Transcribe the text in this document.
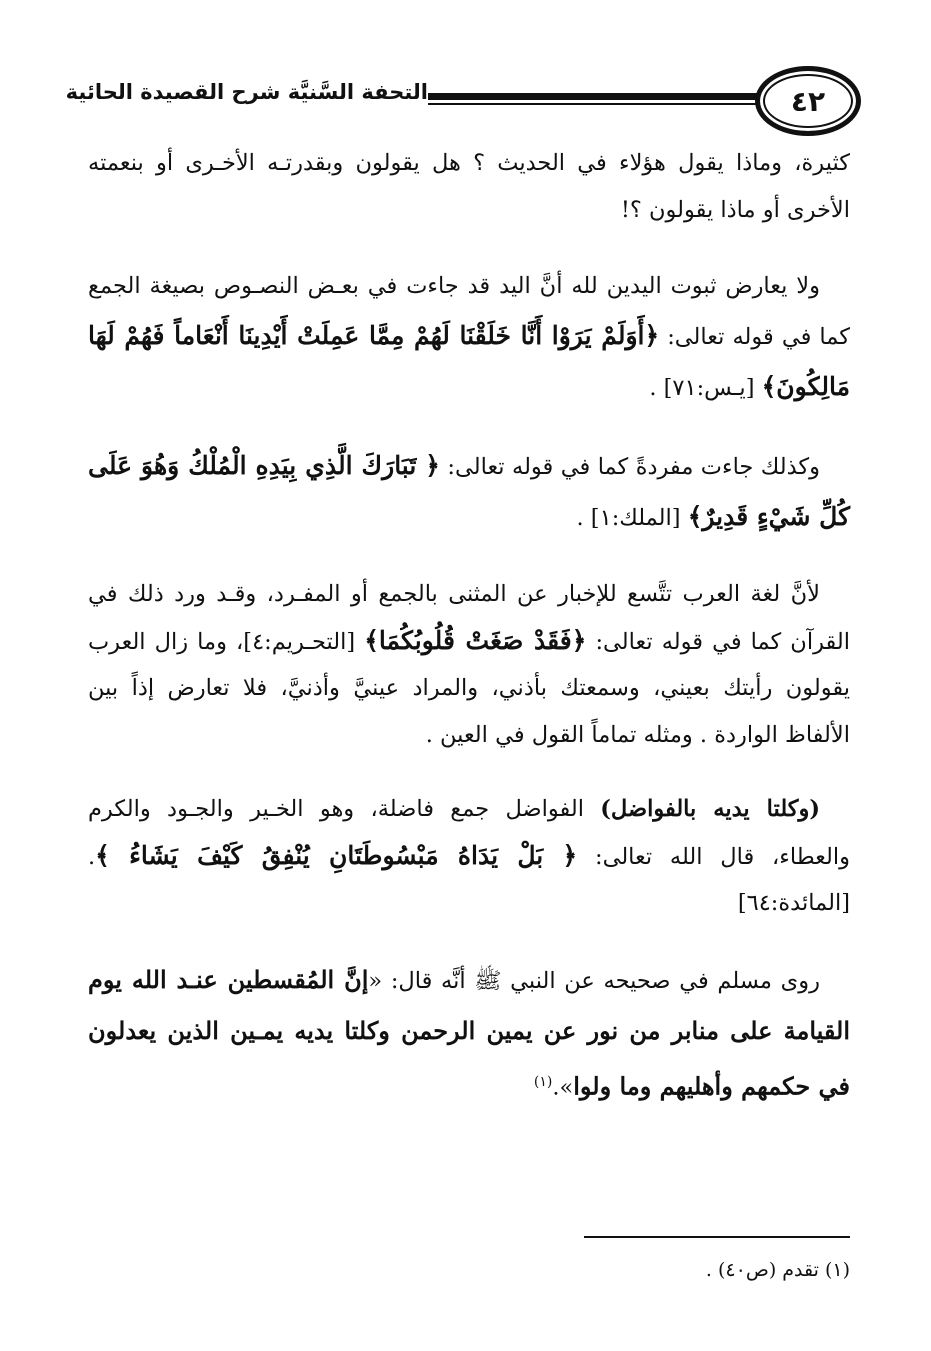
التحفة السَّنيَّة شرح القصيدة الحائية	٤٢

كثيرة، وماذا يقول هؤلاء في الحديث ؟ هل يقولون وبقدرتـه الأخـرى أو بنعمته الأخرى أو ماذا يقولون ؟!

ولا يعارض ثبوت اليدين لله أنَّ اليد قد جاءت في بعـض النصـوص بصيغة الجمع كما في قوله تعالى: ﴿أَوَلَمْ يَرَوْا أَنَّا خَلَقْنَا لَهُمْ مِمَّا عَمِلَتْ أَيْدِينَا أَنْعَاماً فَهُمْ لَهَا مَالِكُونَ﴾ [يـس:٧١] .

وكذلك جاءت مفردةً كما في قوله تعالى: ﴿ تَبَارَكَ الَّذِي بِيَدِهِ الْمُلْكُ وَهُوَ عَلَى كُلِّ شَيْءٍ قَدِيرٌ﴾ [الملك:١] .

لأنَّ لغة العرب تتَّسع للإخبار عن المثنى بالجمع أو المفـرد، وقـد ورد ذلك في القرآن كما في قوله تعالى: ﴿فَقَدْ صَغَتْ قُلُوبُكُمَا﴾ [التحـريم:٤]، وما زال العرب يقولون رأيتك بعيني، وسمعتك بأذني، والمراد عينيَّ وأذنيَّ، فلا تعارض إذاً بين الألفاظ الواردة . ومثله تماماً القول في العين .

(وكلتا يديه بالفواضل) الفواضل جمع فاضلة، وهو الخـير والجـود والكرم والعطاء، قال الله تعالى: ﴿ بَلْ يَدَاهُ مَبْسُوطَتَانِ يُنْفِقُ كَيْفَ يَشَاءُ ﴾. [المائدة:٦٤]

روى مسلم في صحيحه عن النبي ﷺ أنَّه قال: «إنَّ المُقسطين عنـد الله يوم القيامة على منابر من نور عن يمين الرحمن وكلتا يديه يمـين الذين يعدلون في حكمهم وأهليهم وما ولوا».$^{(١)}$

(١) تقدم (ص٤٠) .
